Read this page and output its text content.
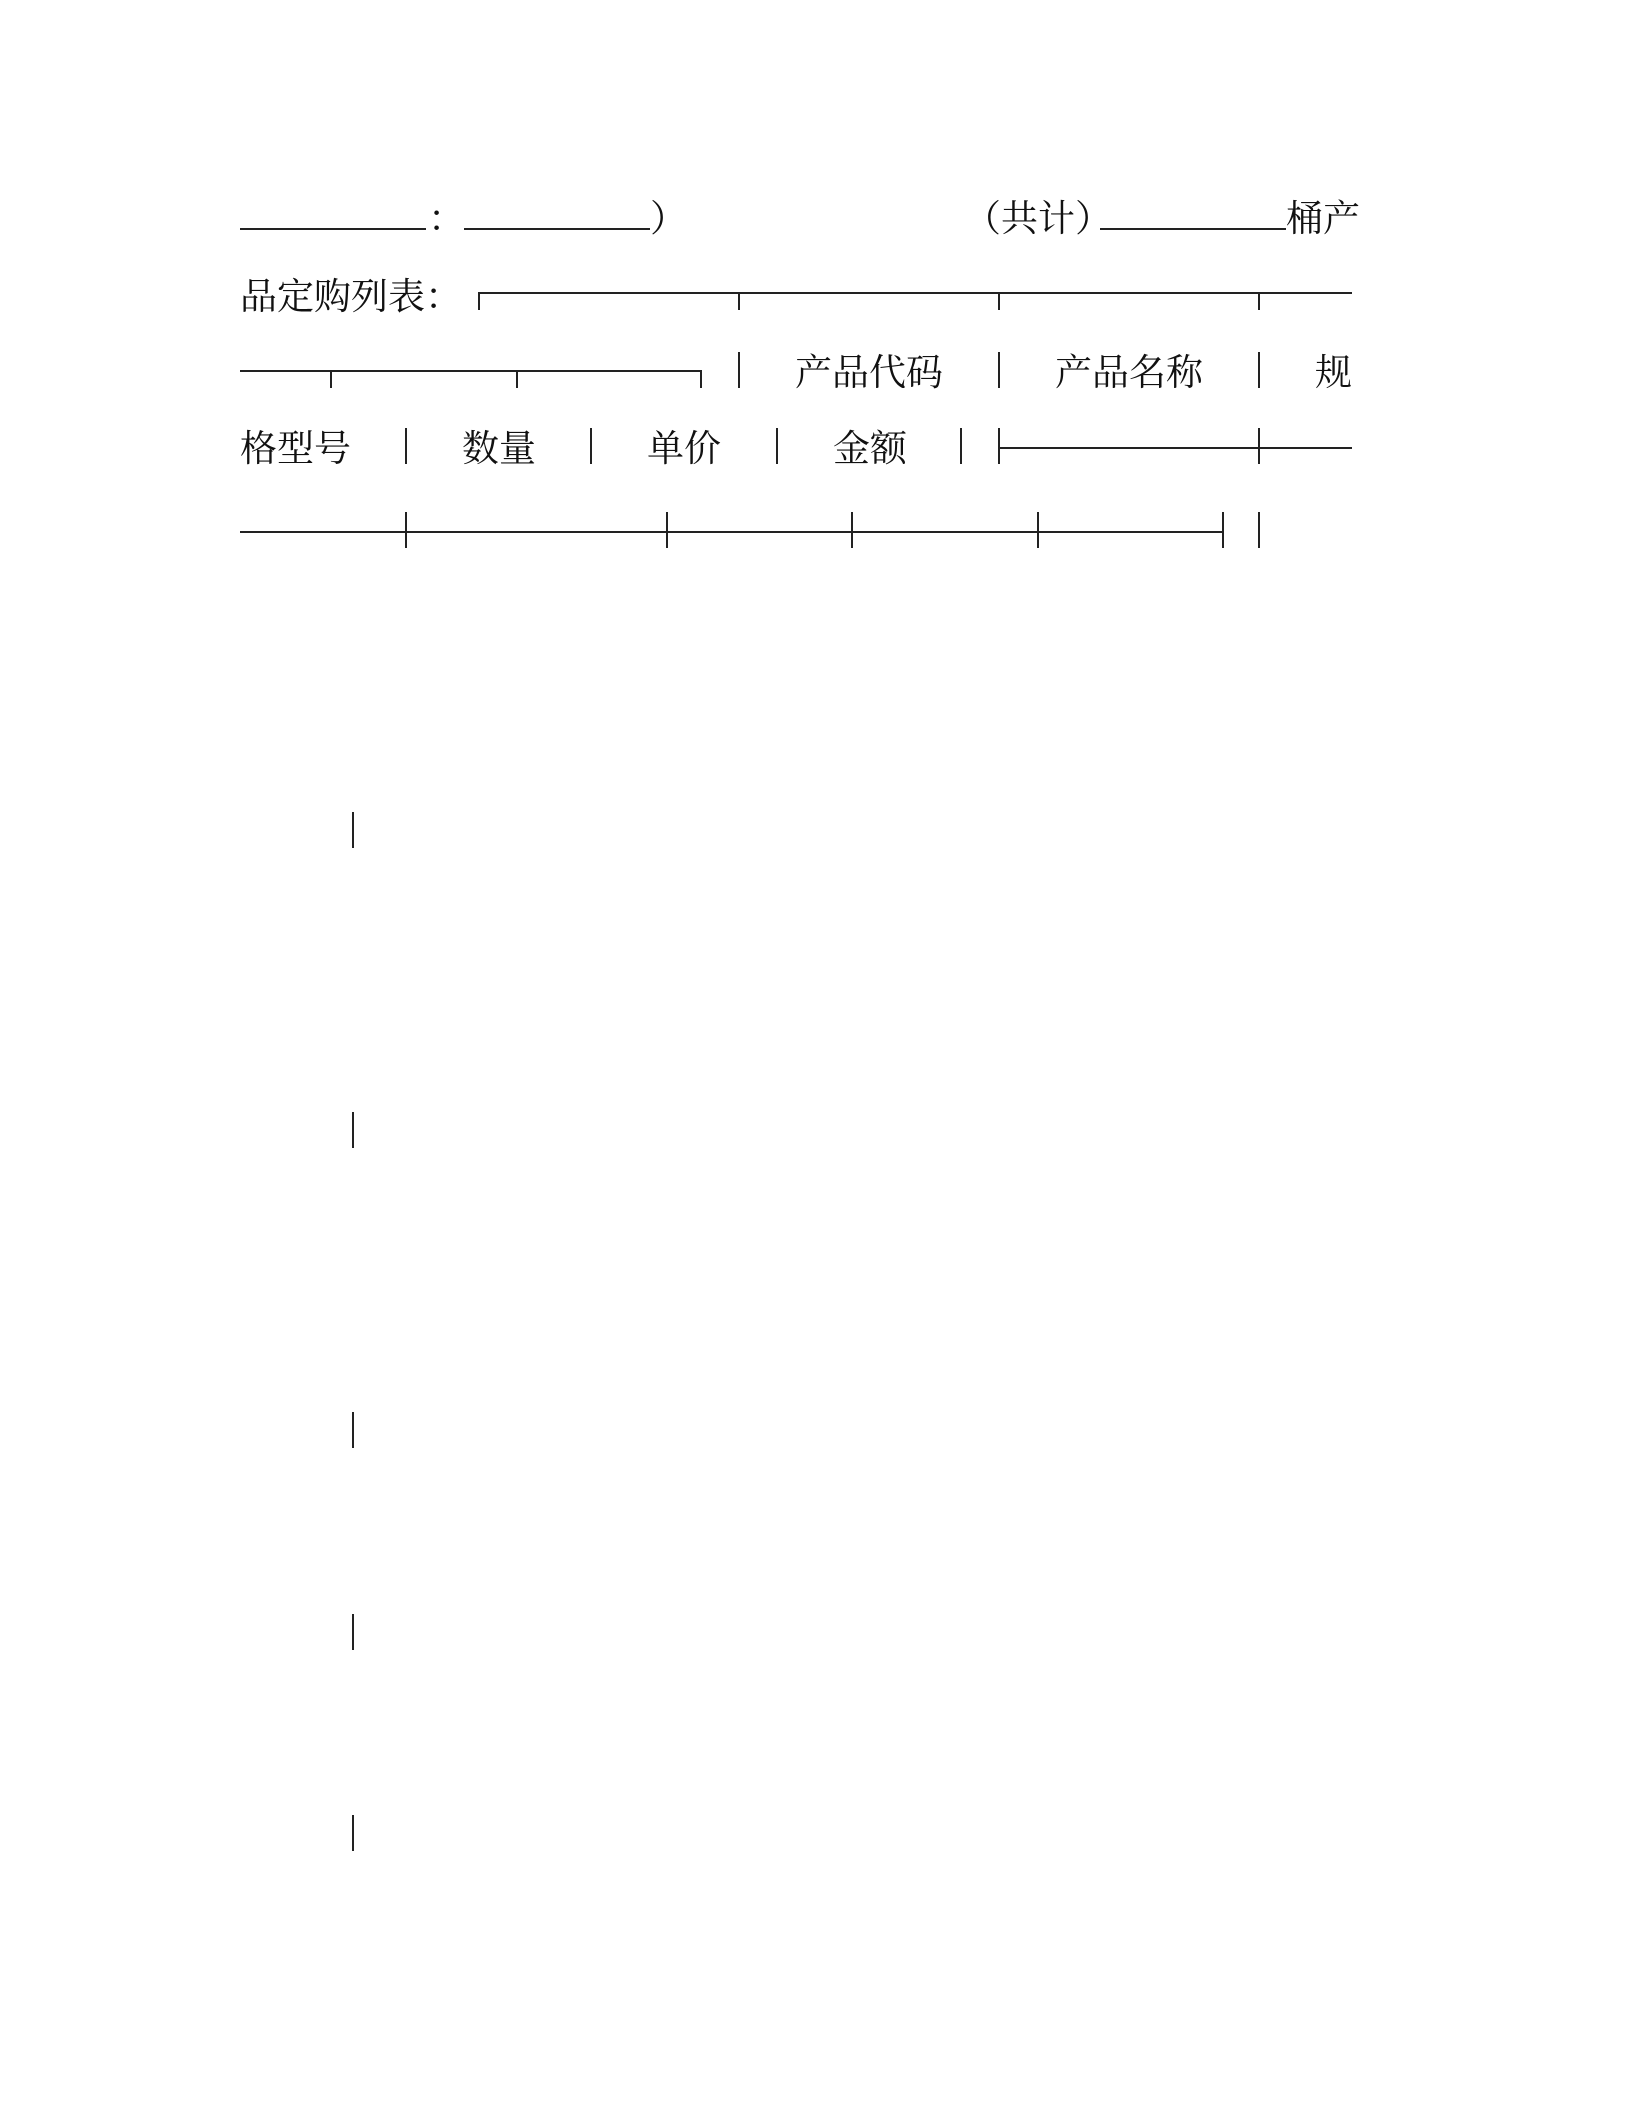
：	）	（共计）	桶产
品定购列表：
产品代码	产品名称	规
格型号	数量	单价	金额
